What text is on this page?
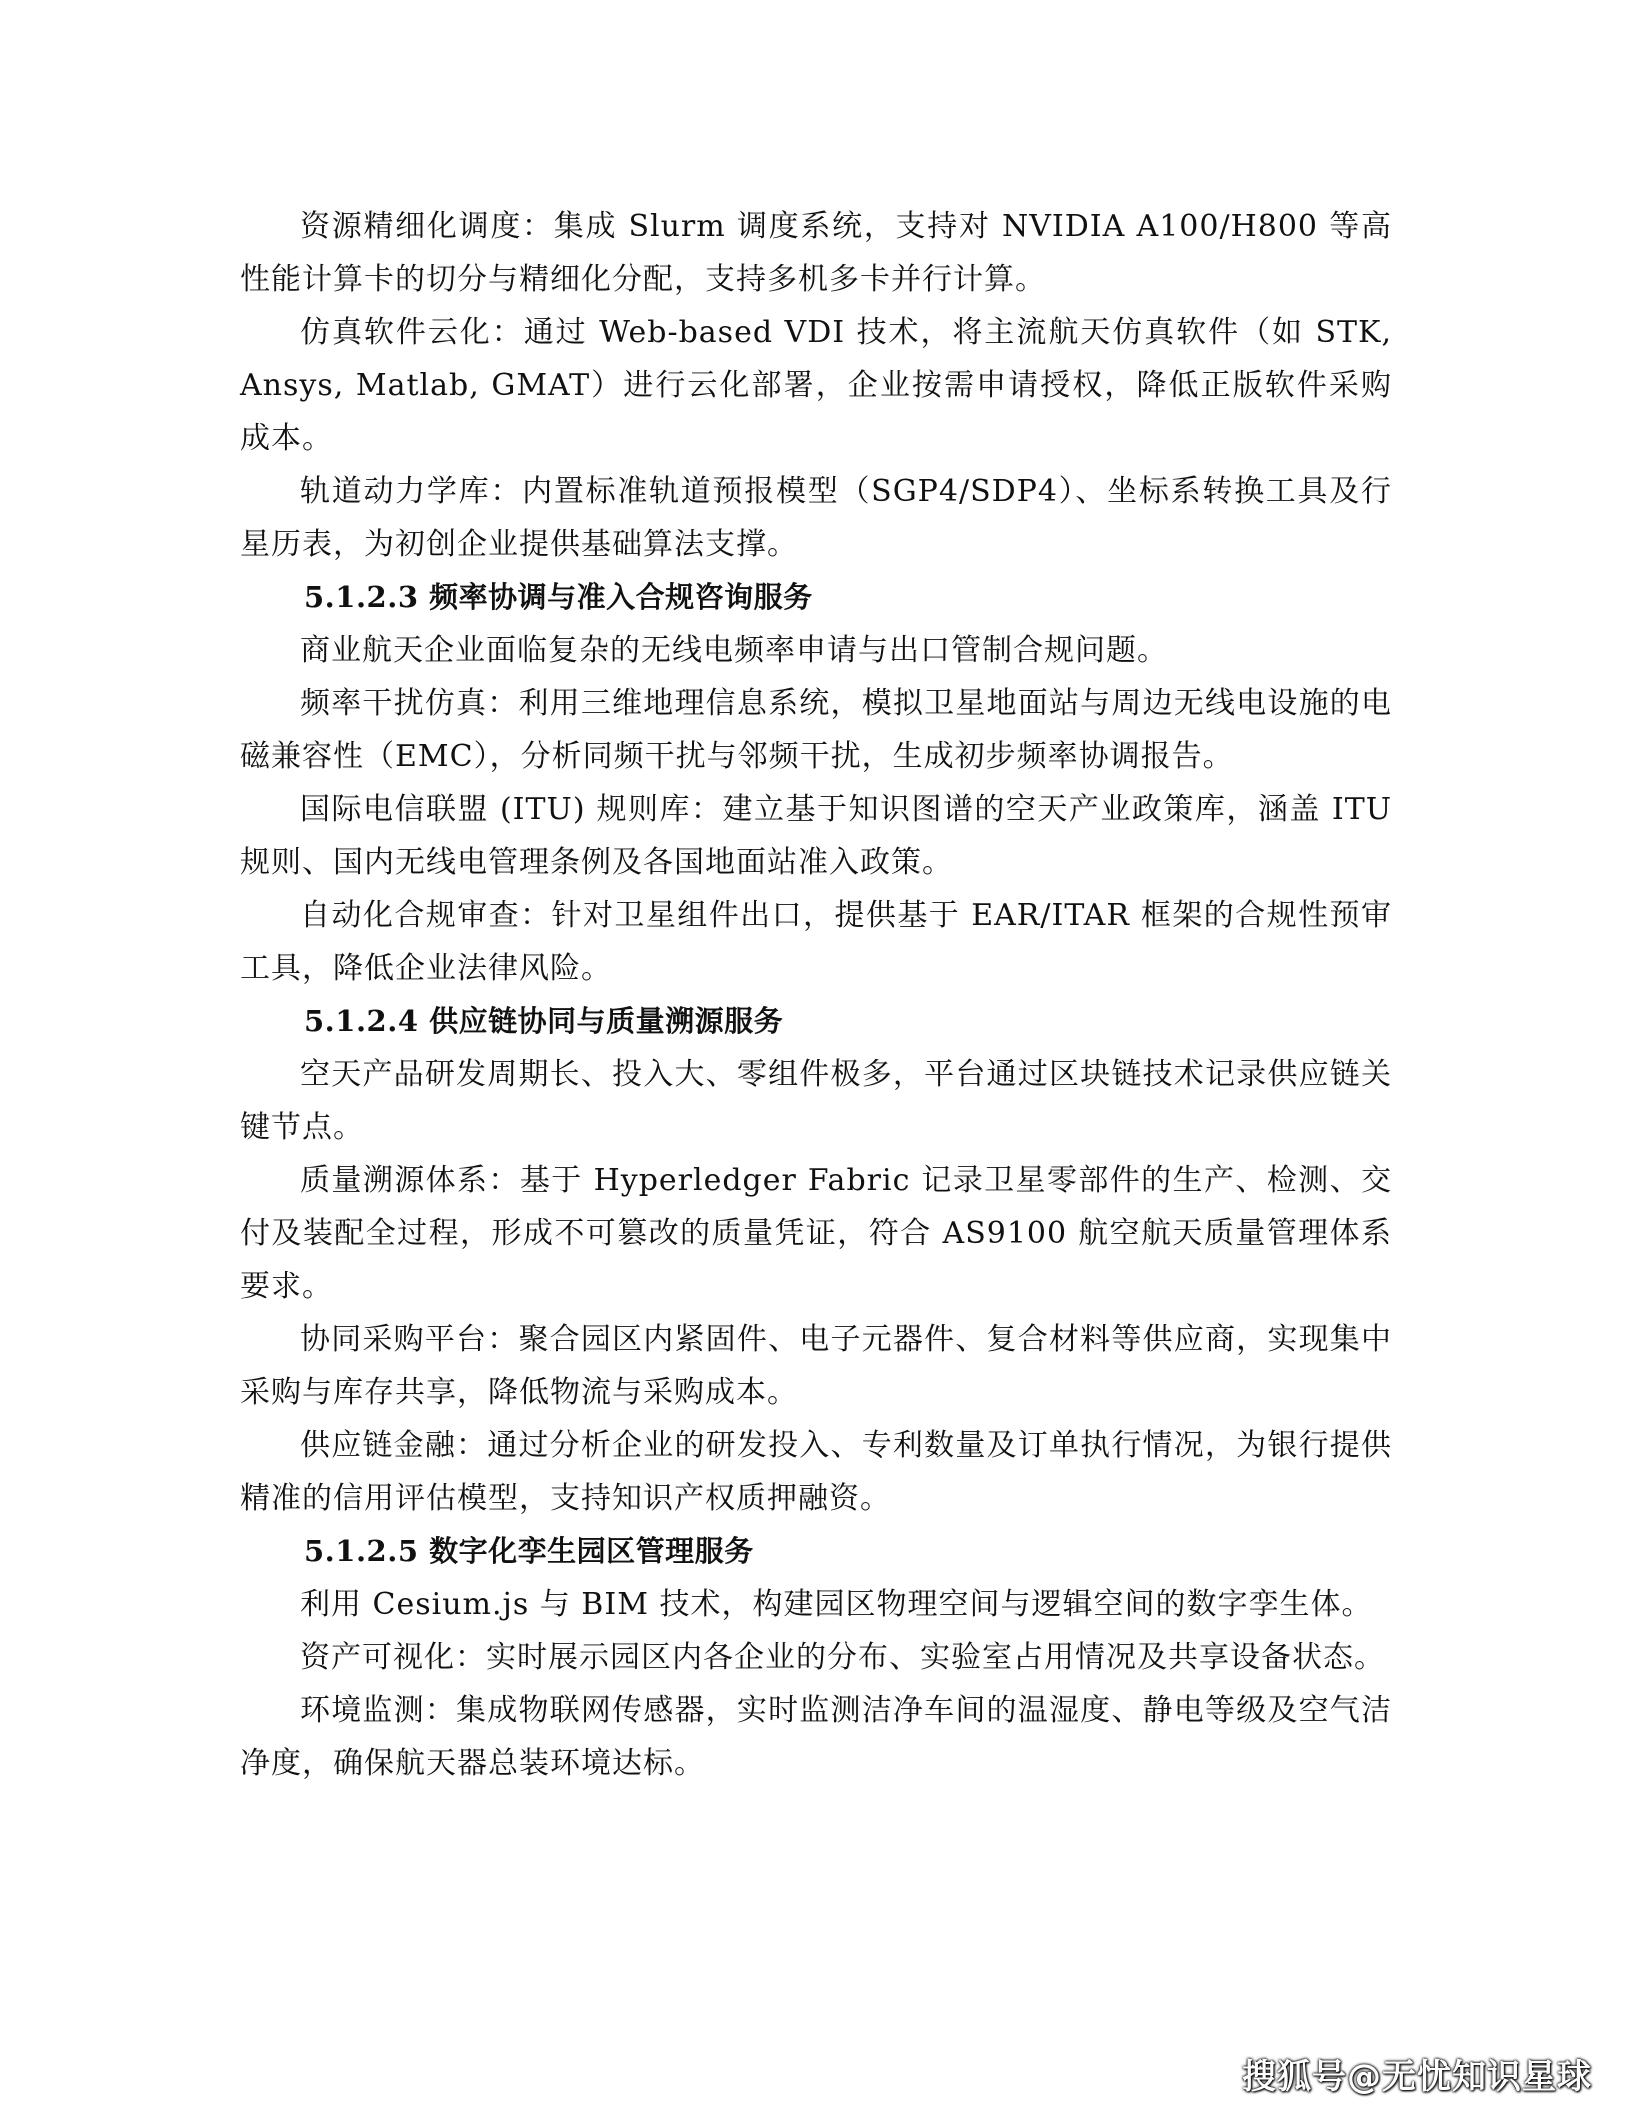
资源精细化调度：集成 Slurm 调度系统，支持对 NVIDIA A100/H800 等高性能计算卡的切分与精细化分配，支持多机多卡并行计算。

仿真软件云化：通过 Web-based VDI 技术，将主流航天仿真软件（如 STK, Ansys, Matlab, GMAT）进行云化部署，企业按需申请授权，降低正版软件采购成本。

轨道动力学库：内置标准轨道预报模型（SGP4/SDP4）、坐标系转换工具及行星历表，为初创企业提供基础算法支撑。

5.1.2.3 频率协调与准入合规咨询服务

商业航天企业面临复杂的无线电频率申请与出口管制合规问题。

频率干扰仿真：利用三维地理信息系统，模拟卫星地面站与周边无线电设施的电磁兼容性（EMC），分析同频干扰与邻频干扰，生成初步频率协调报告。

国际电信联盟 (ITU) 规则库：建立基于知识图谱的空天产业政策库，涵盖 ITU 规则、国内无线电管理条例及各国地面站准入政策。

自动化合规审查：针对卫星组件出口，提供基于 EAR/ITAR 框架的合规性预审工具，降低企业法律风险。

5.1.2.4 供应链协同与质量溯源服务

空天产品研发周期长、投入大、零组件极多，平台通过区块链技术记录供应链关键节点。

质量溯源体系：基于 Hyperledger Fabric 记录卫星零部件的生产、检测、交付及装配全过程，形成不可篡改的质量凭证，符合 AS9100 航空航天质量管理体系要求。

协同采购平台：聚合园区内紧固件、电子元器件、复合材料等供应商，实现集中采购与库存共享，降低物流与采购成本。

供应链金融：通过分析企业的研发投入、专利数量及订单执行情况，为银行提供精准的信用评估模型，支持知识产权质押融资。

5.1.2.5 数字化孪生园区管理服务

利用 Cesium.js 与 BIM 技术，构建园区物理空间与逻辑空间的数字孪生体。

资产可视化：实时展示园区内各企业的分布、实验室占用情况及共享设备状态。

环境监测：集成物联网传感器，实时监测洁净车间的温湿度、静电等级及空气洁净度，确保航天器总装环境达标。

搜狐号@无忧知识星球
